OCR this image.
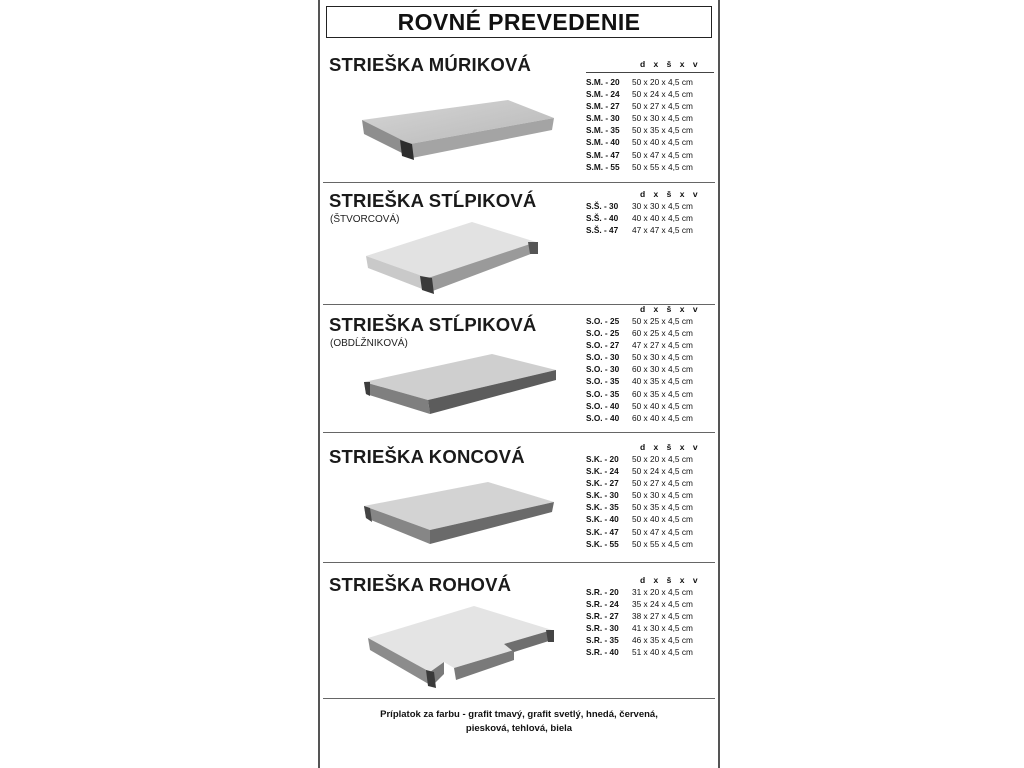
ROVNÉ PREVEDENIE
STRIEŠKA MÚRIKOVÁ	d x š x v
S.M. - 20 50 x 20 x 4,5 cm
S.M. - 24 50 x 24 x 4,5 cm
S.M. - 27 50 x 27 x 4,5 cm
S.M. - 30 50 x 30 x 4,5 cm
S.M. - 35 50 x 35 x 4,5 cm
S.M. - 40 50 x 40 x 4,5 cm
S.M. - 47 50 x 47 x 4,5 cm
S.M. - 55 50 x 55 x 4,5 cm
STRIEŠKA STĹPIKOVÁ
(ŠTVORCOVÁ)
d x š x v
S.Š. - 30 30 x 30 x 4,5 cm
S.Š. - 40 40 x 40 x 4,5 cm
S.Š. - 47 47 x 47 x 4,5 cm
STRIEŠKA STĹPIKOVÁ
(OBDĹŽNIKOVÁ)
d x š x v
S.O. - 25 50 x 25 x 4,5 cm
S.O. - 25 60 x 25 x 4,5 cm
S.O. - 27 47 x 27 x 4,5 cm
S.O. - 30 50 x 30 x 4,5 cm
S.O. - 30 60 x 30 x 4,5 cm
S.O. - 35 40 x 35 x 4,5 cm
S.O. - 35 60 x 35 x 4,5 cm
S.O. - 40 50 x 40 x 4,5 cm
S.O. - 40 60 x 40 x 4,5 cm
STRIEŠKA KONCOVÁ	d x š x v
S.K. - 20 50 x 20 x 4,5 cm
S.K. - 24 50 x 24 x 4,5 cm
S.K. - 27 50 x 27 x 4,5 cm
S.K. - 30 50 x 30 x 4,5 cm
S.K. - 35 50 x 35 x 4,5 cm
S.K. - 40 50 x 40 x 4,5 cm
S.K. - 47 50 x 47 x 4,5 cm
S.K. - 55 50 x 55 x 4,5 cm
STRIEŠKA ROHOVÁ	d x š x v
S.R. - 20 31 x 20 x 4,5 cm
S.R. - 24 35 x 24 x 4,5 cm
S.R. - 27 38 x 27 x 4,5 cm
S.R. - 30 41 x 30 x 4,5 cm
S.R. - 35 46 x 35 x 4,5 cm
S.R. - 40 51 x 40 x 4,5 cm
Príplatok za farbu - grafit tmavý, grafit svetlý, hnedá, červená,
piesková, tehlová, biela
